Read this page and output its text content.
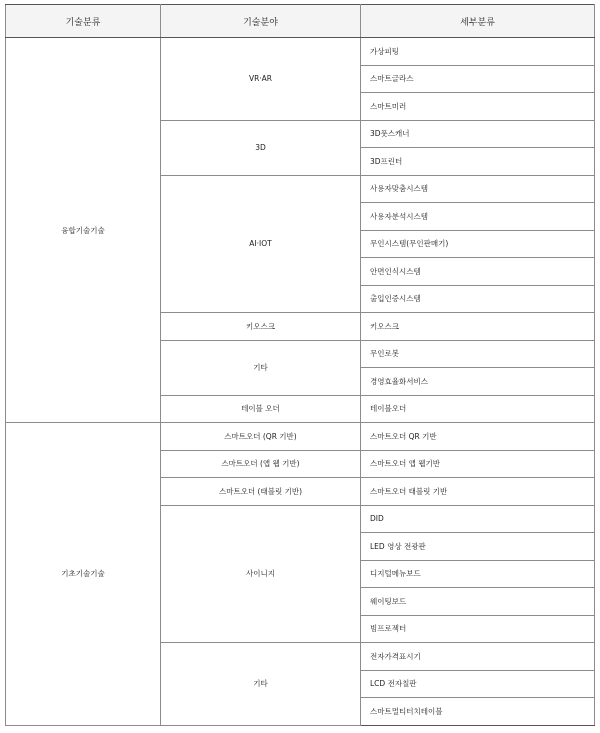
기술분류	기술분야	세부분류
융합기술기술	VR·AR	가상피팅
		스마트글라스
		스마트미러
	3D	3D풋스캐너
		3D프린터
	AI·IOT	사용자맞춤시스템
		사용자분석시스템
		무인시스템(무인판매기)
		안면인식시스템
		출입인증시스템
	키오스크	키오스크
	기타	무인로봇
		경영효율화서비스
	테이블 오더	테이블오더
기초기술기술	스마트오더 (QR 기반)	스마트오더 QR 기반
	스마트오더 (앱 웹 기반)	스마트오더 앱 웹기반
	스마트오더 (태블릿 기반)	스마트오더 태블릿 기반
	사이니지	DID
		LED 영상 전광판
		디지털메뉴보드
		웨이팅보드
		빔프로젝터
	기타	전자가격표시기
		LCD 전자칠판
		스마트멀티터치테이블
